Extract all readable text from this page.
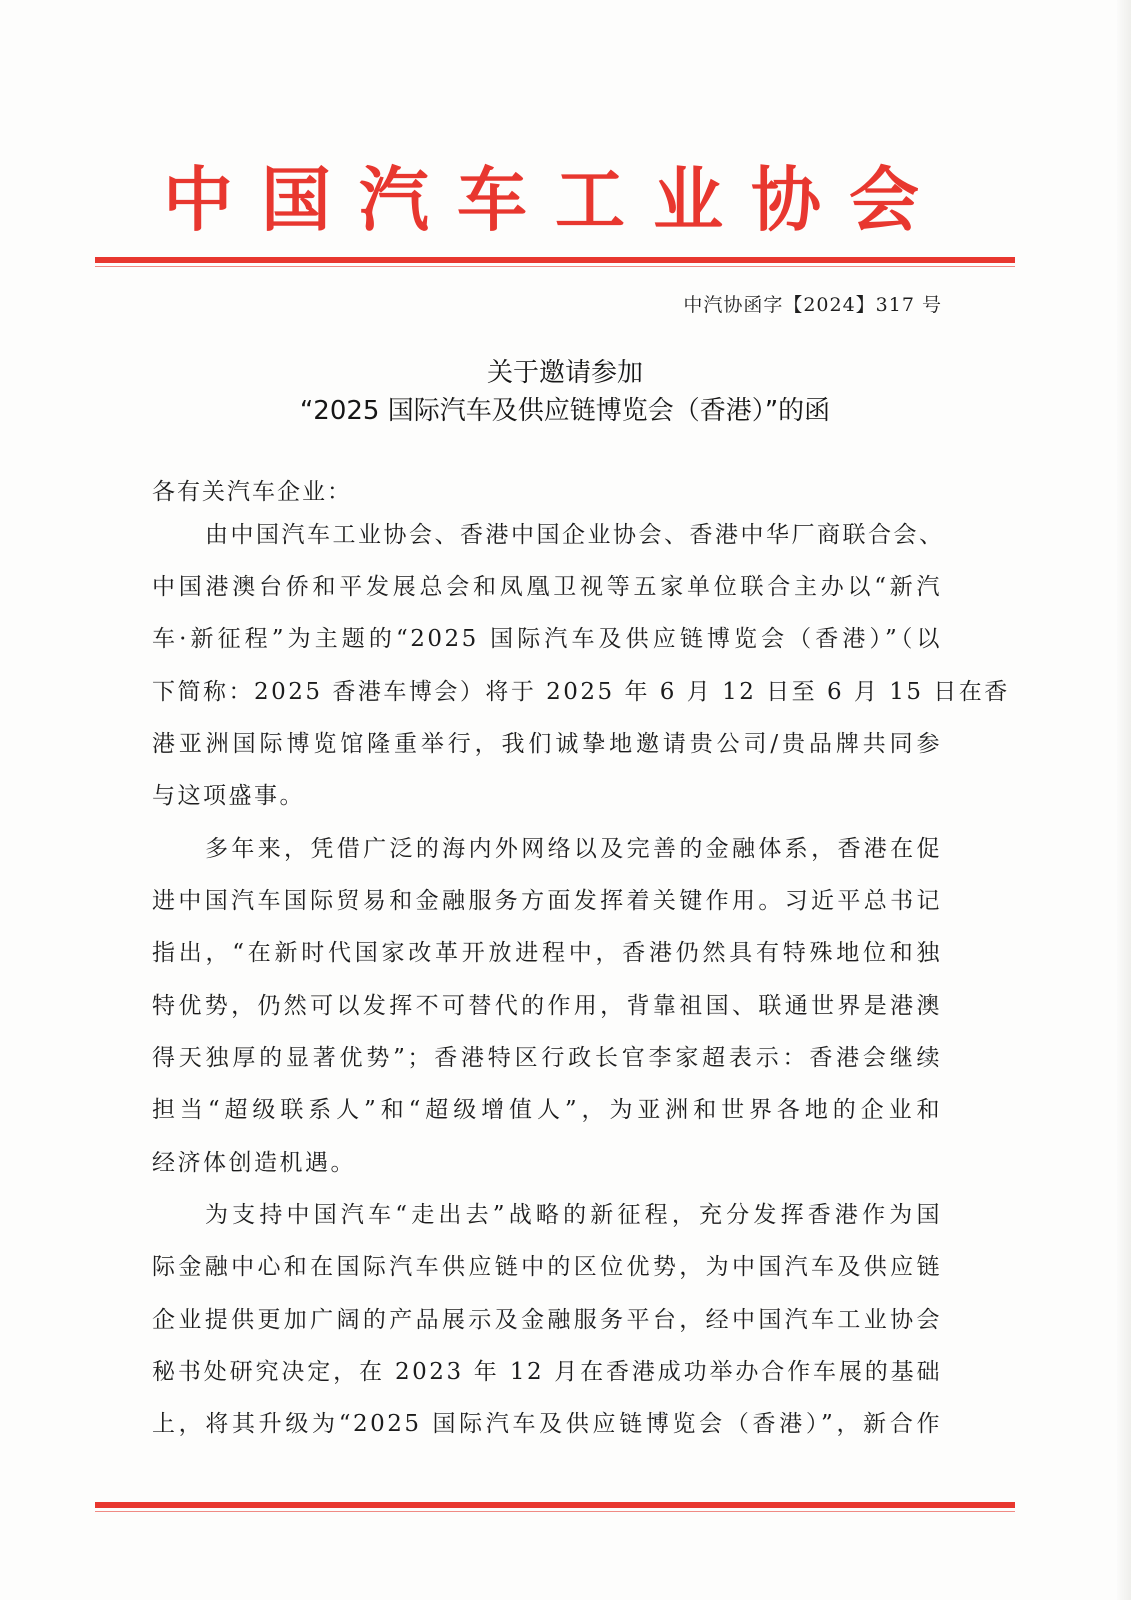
中国汽车工业协会
中汽协函字【2024】317 号
关于邀请参加
“2025 国际汽车及供应链博览会（香港）”的函
各有关汽车企业：
由中国汽车工业协会、香港中国企业协会、香港中华厂商联合会、
中国港澳台侨和平发展总会和凤凰卫视等五家单位联合主办以“新汽
车·新征程”为主题的“2025 国际汽车及供应链博览会（香港）”（以
下简称：2025 香港车博会）将于 2025 年 6 月 12 日至 6 月 15 日在香
港亚洲国际博览馆隆重举行，我们诚挚地邀请贵公司/贵品牌共同参
与这项盛事。
多年来，凭借广泛的海内外网络以及完善的金融体系，香港在促
进中国汽车国际贸易和金融服务方面发挥着关键作用。习近平总书记
指出，“在新时代国家改革开放进程中，香港仍然具有特殊地位和独
特优势，仍然可以发挥不可替代的作用，背靠祖国、联通世界是港澳
得天独厚的显著优势”；香港特区行政长官李家超表示：香港会继续
担当“超级联系人”和“超级增值人”，为亚洲和世界各地的企业和
经济体创造机遇。
为支持中国汽车“走出去”战略的新征程，充分发挥香港作为国
际金融中心和在国际汽车供应链中的区位优势，为中国汽车及供应链
企业提供更加广阔的产品展示及金融服务平台，经中国汽车工业协会
秘书处研究决定，在 2023 年 12 月在香港成功举办合作车展的基础
上，将其升级为“2025 国际汽车及供应链博览会（香港）”，新合作
